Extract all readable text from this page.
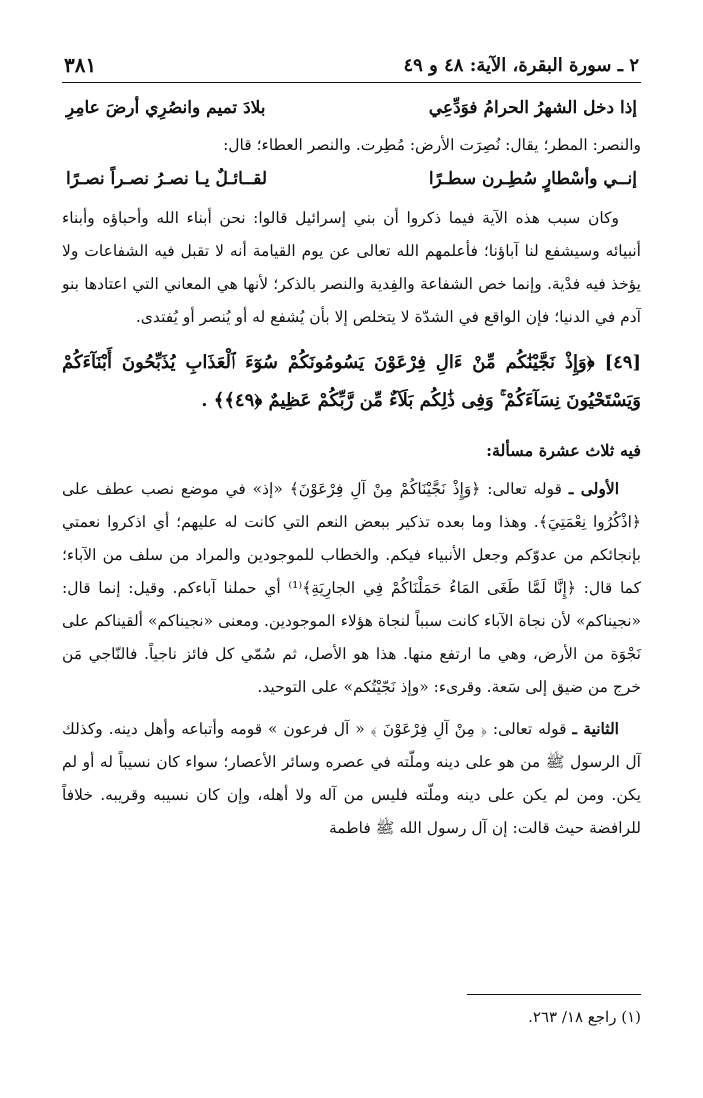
٢ ـ سورة البقرة، الآية: ٤٨ و ٤٩
٣٨١
إذا دخل الشهرُ الحرامُ فوَدِّعِي
بلادَ تميم وانصُرِي أرضَ عامِرِ

والنصر: المطر؛ يقال: نُصِرَت الأرض: مُطِرت. والنصر العطاء؛ قال:

إنــي وأسْطارٍ سُطِـرن سطـرًا
لقــائـلٌ يـا نصـرُ نصـراً نصـرًا

وكان سبب هذه الآية فيما ذكروا أن بني إسرائيل قالوا: نحن أبناء الله وأحباؤه وأبناء أنبيائه وسيشفع لنا آباؤنا؛ فأعلمهم الله تعالى عن يوم القيامة أنه لا تقبل فيه الشفاعات ولا يؤخذ فيه فدْية. وإنما خص الشفاعة والفِدية والنصر بالذكر؛ لأنها هي المعاني التي اعتادها بنو آدم في الدنيا؛ فإن الواقع في الشدّة لا يتخلص إلا بأن يُشفع له أو يُنصر أو يُفتدى.

[٤٩] ﴿وَإِذْ نَجَّيْنَٰكُم مِّنْ ءَالِ فِرْعَوْنَ يَسُومُونَكُمْ سُوٓءَ ٱلْعَذَابِ يُذَبِّحُونَ أَبْنَآءَكُمْ وَيَسْتَحْيُونَ نِسَآءَكُمْ ۚ وَفِى ذَٰلِكُم بَلَآءٌ مِّن رَّبِّكُمْ عَظِيمٌ ﴿٤٩﴾﴾ .
فيه ثلاث عشرة مسألة:

الأولى ـ قوله تعالى: ﴿وَإِذْ نَجَّيْنَاكُمْ مِنْ آلِ فِرْعَوْنَ﴾ «إذ» في موضع نصب عطف على ﴿اذْكُرُوا نِعْمَتِيَ﴾. وهذا وما بعده تذكير ببعض النعم التي كانت له عليهم؛ أي اذكروا نعمتي بإنجائكم من عدوّكم وجعل الأنبياء فيكم. والخطاب للموجودين والمراد من سلف من الآباء؛ كما قال: ﴿إِنَّا لَمَّا طَغَى المَاءُ حَمَلْنَاكُمْ فِي الجارِيَةِ﴾⁽¹⁾ أي حملنا آباءكم. وقيل: إنما قال: «نجيناكم» لأن نجاة الآباء كانت سبباً لنجاة هؤلاء الموجودين. ومعنى «نجيناكم» ألقيناكم على نَجْوَة من الأرض، وهي ما ارتفع منها. هذا هو الأصل، ثم سُمّي كل فائز ناجياً. فالنّاجي مَن خرج من ضيق إلى سَعة. وقرىء: «وإذ نَجّيْتُكم» على التوحيد.

الثانية ـ قوله تعالى: ﴿ مِنْ آلِ فِرْعَوْنَ ﴾ « آل فرعون » قومه وأتباعه وأهل دينه. وكذلك آل الرسول ﷺ من هو على دينه وملّته في عصره وسائر الأعصار؛ سواء كان نسيباً له أو لم يكن. ومن لم يكن على دينه وملّته فليس من آله ولا أهله، وإن كان نسيبه وقريبه. خلافاً للرافضة حيث قالت: إن آل رسول الله ﷺ فاطمة

(١) راجع ١٨/ ٢٦٣.
